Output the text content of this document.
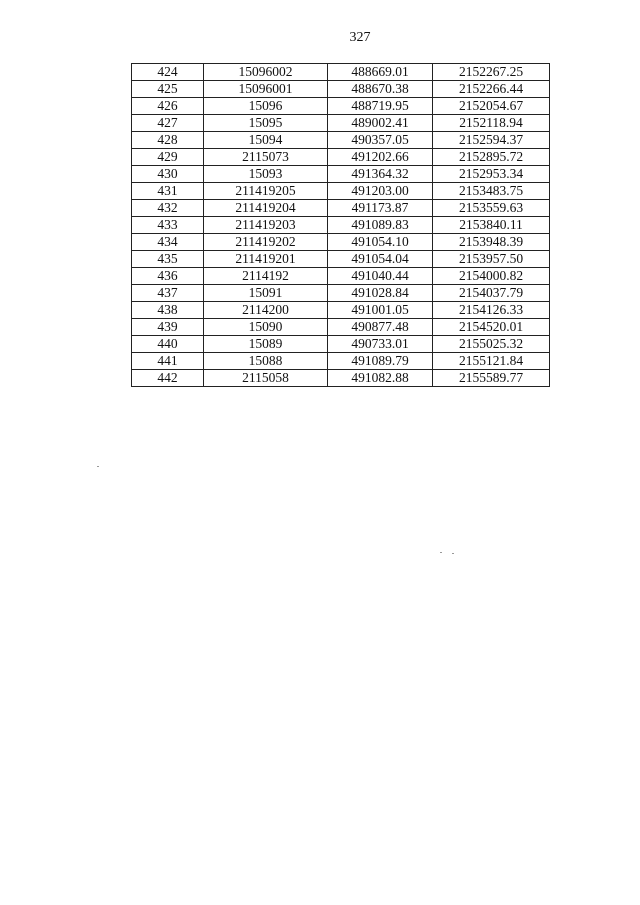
327
424	15096002	488669.01	2152267.25
425	15096001	488670.38	2152266.44
426	15096	488719.95	2152054.67
427	15095	489002.41	2152118.94
428	15094	490357.05	2152594.37
429	2115073	491202.66	2152895.72
430	15093	491364.32	2152953.34
431	211419205	491203.00	2153483.75
432	211419204	491173.87	2153559.63
433	211419203	491089.83	2153840.11
434	211419202	491054.10	2153948.39
435	211419201	491054.04	2153957.50
436	2114192	491040.44	2154000.82
437	15091	491028.84	2154037.79
438	2114200	491001.05	2154126.33
439	15090	490877.48	2154520.01
440	15089	490733.01	2155025.32
441	15088	491089.79	2155121.84
442	2115058	491082.88	2155589.77
